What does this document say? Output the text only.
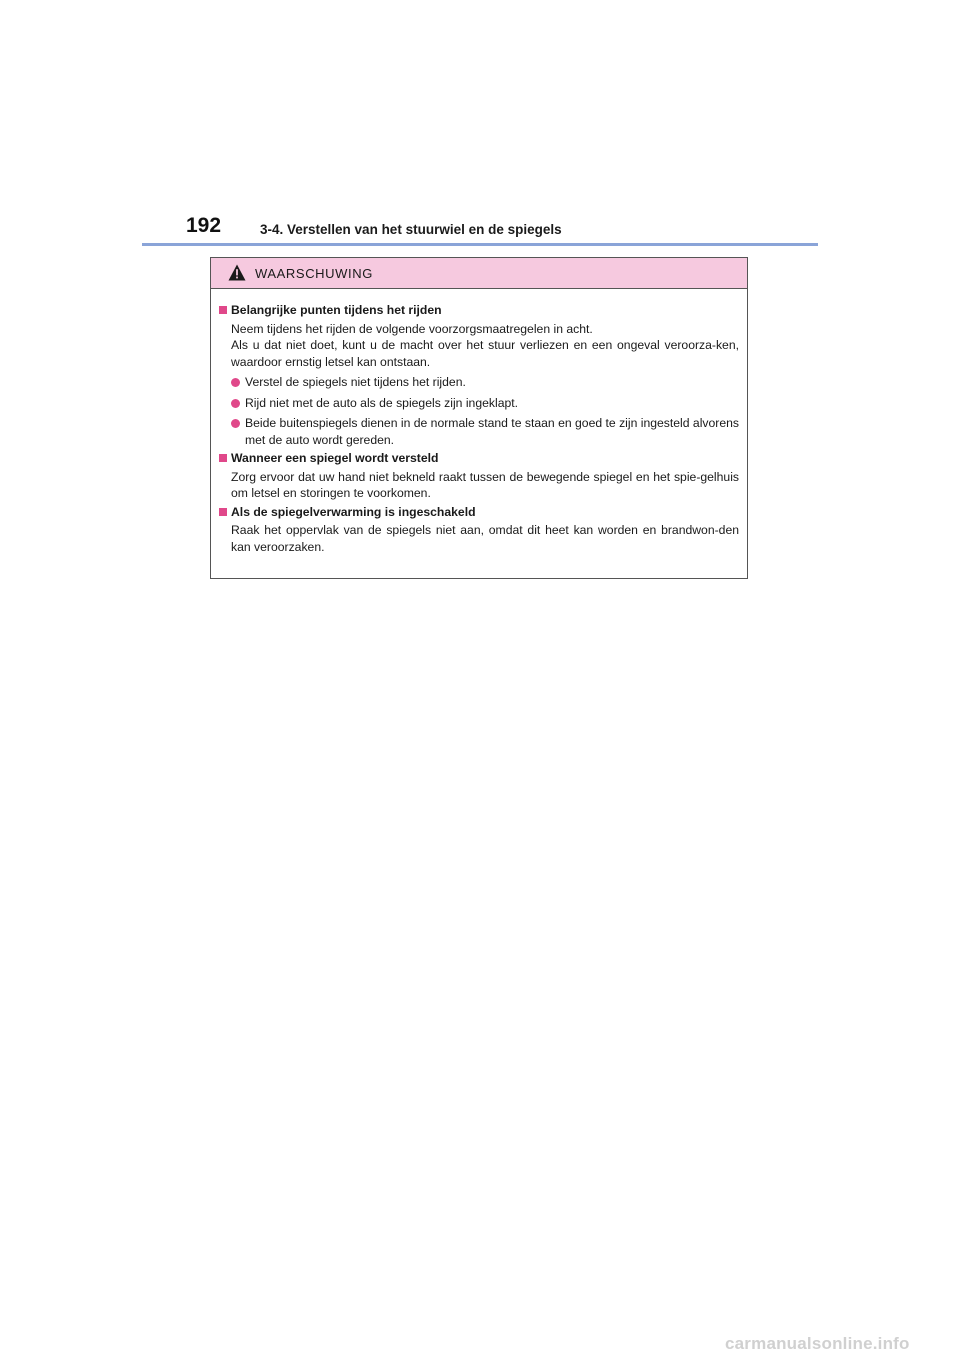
192	3-4. Verstellen van het stuurwiel en de spiegels
WAARSCHUWING
Belangrijke punten tijdens het rijden
Neem tijdens het rijden de volgende voorzorgsmaatregelen in acht.
Als u dat niet doet, kunt u de macht over het stuur verliezen en een ongeval veroorza-ken, waardoor ernstig letsel kan ontstaan.
Verstel de spiegels niet tijdens het rijden.
Rijd niet met de auto als de spiegels zijn ingeklapt.
Beide buitenspiegels dienen in de normale stand te staan en goed te zijn ingesteld alvorens met de auto wordt gereden.
Wanneer een spiegel wordt versteld
Zorg ervoor dat uw hand niet bekneld raakt tussen de bewegende spiegel en het spie-gelhuis om letsel en storingen te voorkomen.
Als de spiegelverwarming is ingeschakeld
Raak het oppervlak van de spiegels niet aan, omdat dit heet kan worden en brandwon-den kan veroorzaken.
carmanualsonline.info
